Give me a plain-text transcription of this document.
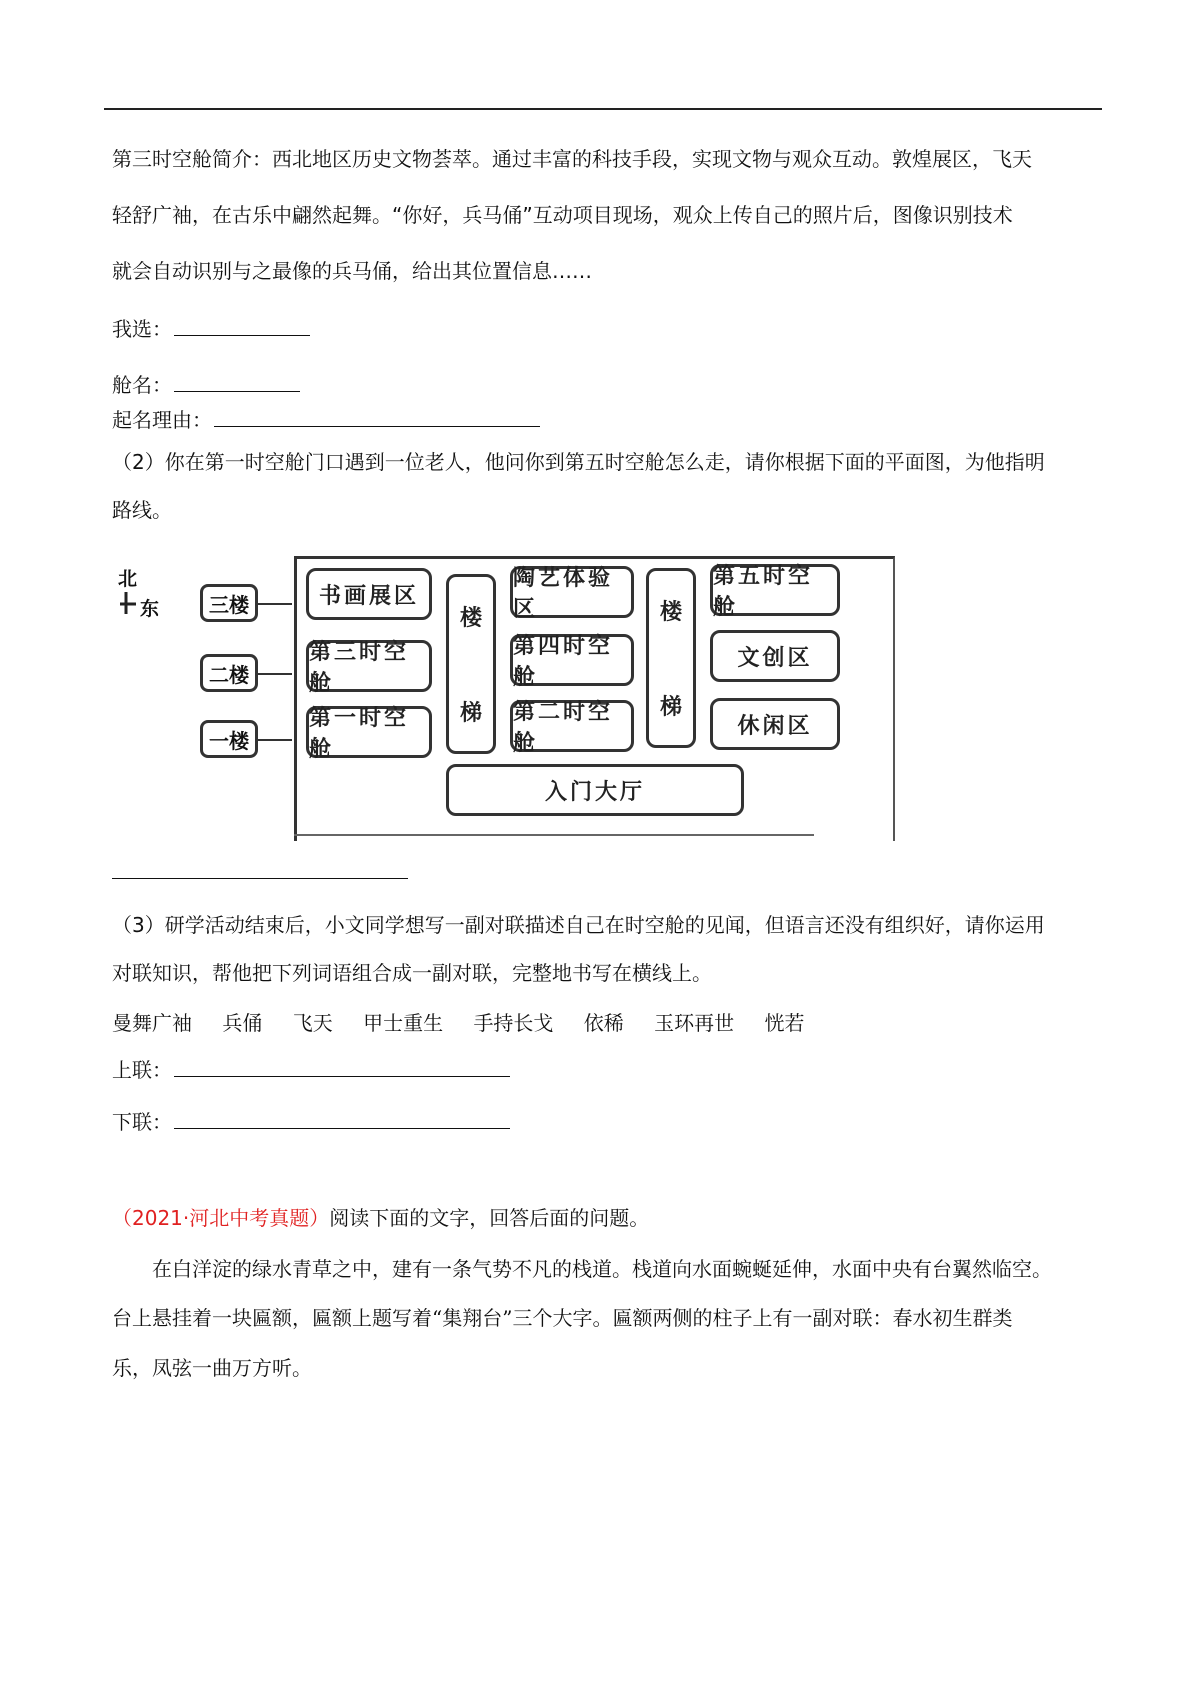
第三时空舱简介：西北地区历史文物荟萃。通过丰富的科技手段，实现文物与观众互动。敦煌展区，飞天
轻舒广袖，在古乐中翩然起舞。“你好，兵马俑”互动项目现场，观众上传自己的照片后，图像识别技术
就会自动识别与之最像的兵马俑，给出其位置信息……
我选：
舱名：
起名理由：
（2）你在第一时空舱门口遇到一位老人，他问你到第五时空舱怎么走，请你根据下面的平面图，为他指明
路线。
北
东	三楼
二楼
一楼
书画展区
第三时空舱
第一时空舱
楼
梯
陶艺体验区
第四时空舱
第二时空舱
楼
梯
第五时空舱
文创区
休闲区
入门大厅
（3）研学活动结束后，小文同学想写一副对联描述自己在时空舱的见闻，但语言还没有组织好，请你运用
对联知识，帮他把下列词语组合成一副对联，完整地书写在横线上。
曼舞广袖 兵俑 飞天 甲士重生 手持长戈 依稀 玉环再世 恍若
上联：
下联：
（2021·河北中考真题）阅读下面的文字，回答后面的问题。
在白洋淀的绿水青草之中，建有一条气势不凡的栈道。栈道向水面蜿蜒延伸，水面中央有台翼然临空。
台上悬挂着一块匾额，匾额上题写着“集翔台”三个大字。匾额两侧的柱子上有一副对联：春水初生群类
乐，凤弦一曲万方听。
